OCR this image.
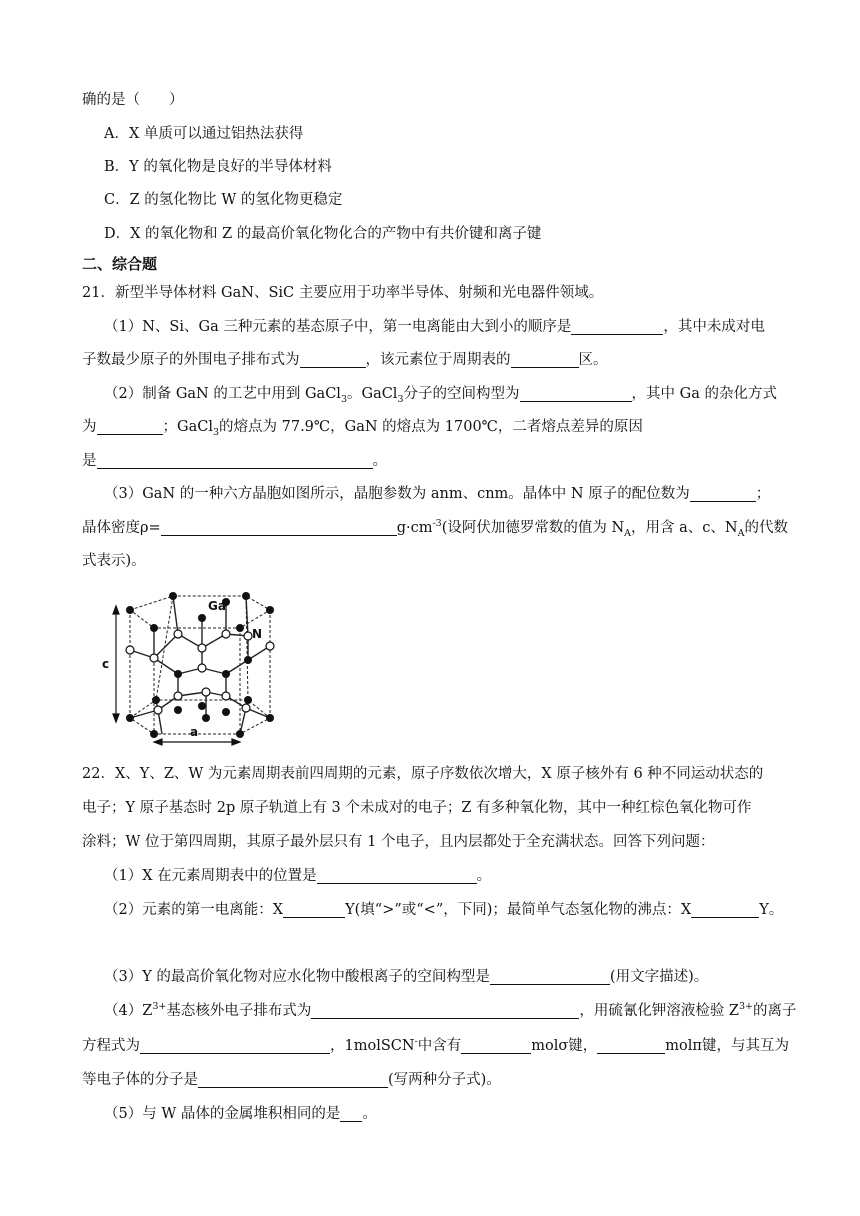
确的是（　　）
A．X 单质可以通过铝热法获得
B．Y 的氧化物是良好的半导体材料
C．Z 的氢化物比 W 的氢化物更稳定
D．X 的氧化物和 Z 的最高价氧化物化合的产物中有共价键和离子键
二、综合题
21．新型半导体材料 GaN、SiC 主要应用于功率半导体、射频和光电器件领域。
（1）N、Si、Ga 三种元素的基态原子中，第一电离能由大到小的顺序是	，其中未成对电
子数最少原子的外围电子排布式为	，该元素位于周期表的	区。
（2）制备 GaN 的工艺中用到 GaCl$_3$。GaCl$_3$分子的空间构型为	，其中 Ga 的杂化方式
为	；GaCl$_3$的熔点为 77.9℃，GaN 的熔点为 1700℃，二者熔点差异的原因
是	。
（3）GaN 的一种六方晶胞如图所示，晶胞参数为 anm、cnm。晶体中 N 原子的配位数为	；
晶体密度ρ=	$g\cdot cm^{-3}$(设阿伏加德罗常数的值为 $N_A$，用含 a、c、$N_A$的代数
式表示)。
Ga
N
c
a
22．X、Y、Z、W 为元素周期表前四周期的元素，原子序数依次增大，X 原子核外有 6 种不同运动状态的
电子；Y 原子基态时 2p 原子轨道上有 3 个未成对的电子；Z 有多种氧化物，其中一种红棕色氧化物可作
涂料；W 位于第四周期，其原子最外层只有 1 个电子，且内层都处于全充满状态。回答下列问题：
（1）X 在元素周期表中的位置是	。
（2）元素的第一电离能：X	Y(填“>”或“<”，下同)；最简单气态氢化物的沸点：X	Y。
（3）Y 的最高价氧化物对应水化物中酸根离子的空间构型是	(用文字描述)。
$(4)Z^{3+}$基态核外电子排布式为	，用硫氰化钾溶液检验 $Z^{3+}$的离子
方程式为	，1molSCN-中含有	molσ键，	molπ键，与其互为
等电子体的分子是	(写两种分子式)。
（5）与 W 晶体的金属堆积相同的是 。
